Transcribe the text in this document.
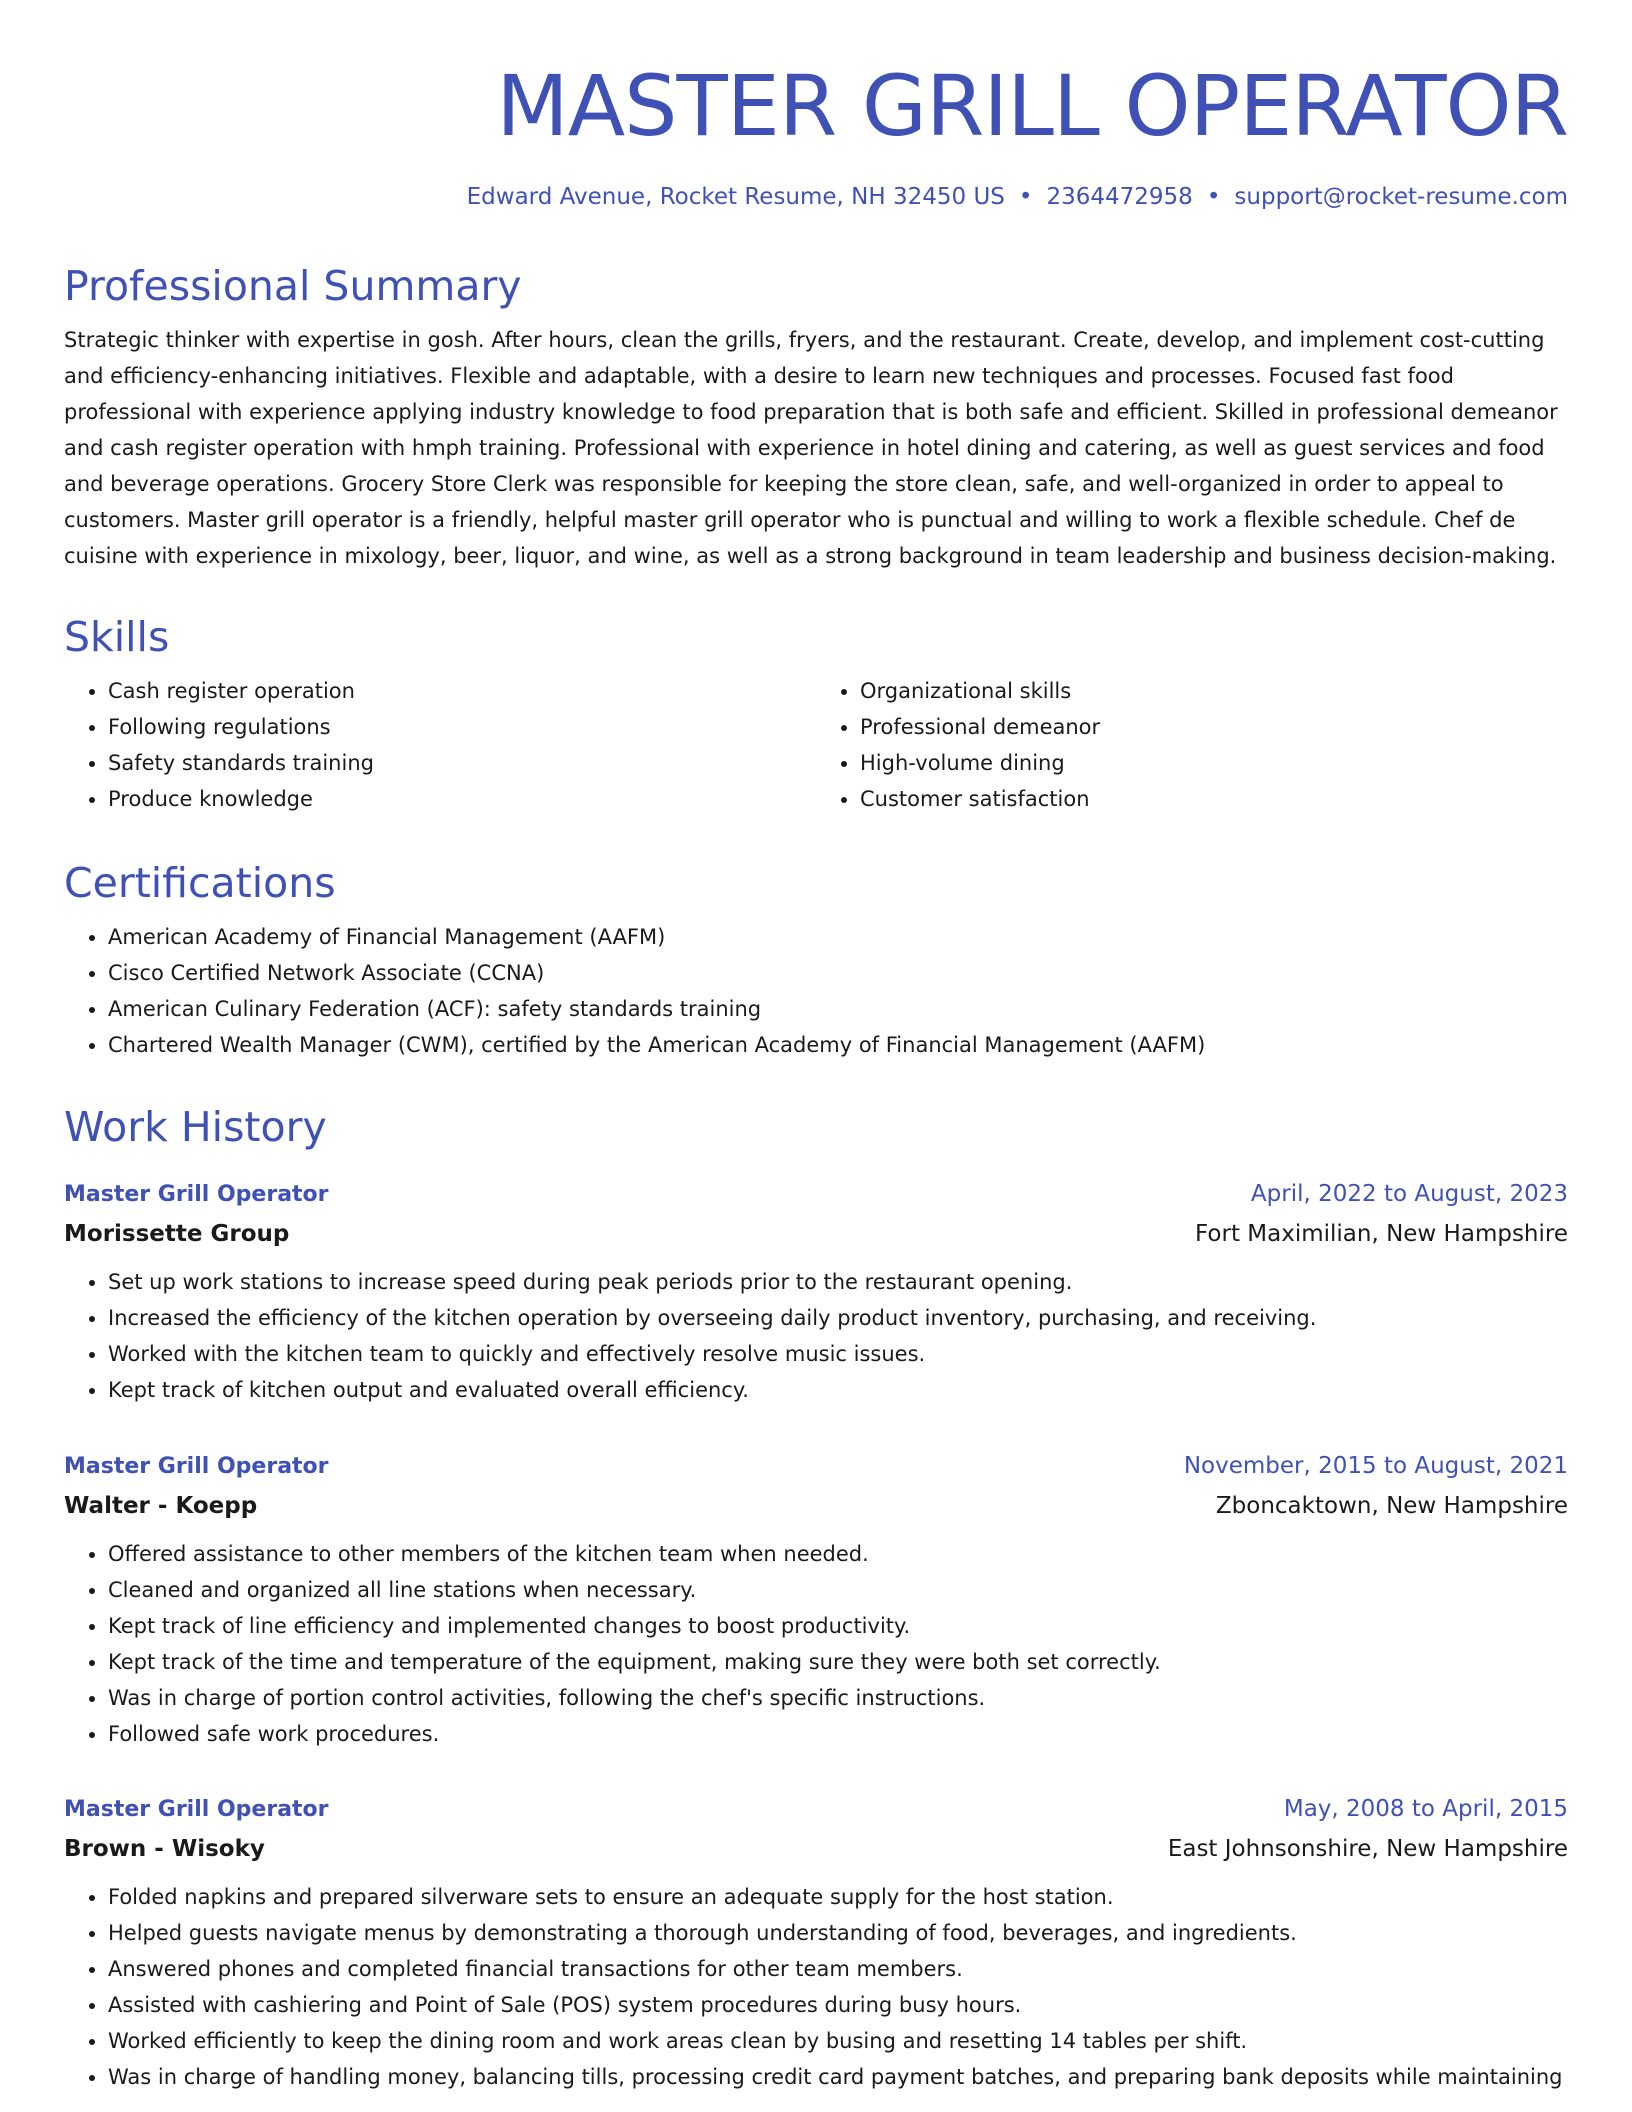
MASTER GRILL OPERATOR
Edward Avenue, Rocket Resume, NH 32450 US • 2364472958 • support@rocket-resume.com
Professional Summary

Strategic thinker with expertise in gosh. After hours, clean the grills, fryers, and the restaurant. Create, develop, and implement cost-cutting and efficiency-enhancing initiatives. Flexible and adaptable, with a desire to learn new techniques and processes. Focused fast food professional with experience applying industry knowledge to food preparation that is both safe and efficient. Skilled in professional demeanor and cash register operation with hmph training. Professional with experience in hotel dining and catering, as well as guest services and food and beverage operations. Grocery Store Clerk was responsible for keeping the store clean, safe, and well-organized in order to appeal to customers. Master grill operator is a friendly, helpful master grill operator who is punctual and willing to work a flexible schedule. Chef de cuisine with experience in mixology, beer, liquor, and wine, as well as a strong background in team leadership and business decision-making.

Skills
• Cash register operation
• Following regulations
• Safety standards training
• Produce knowledge
• Organizational skills
• Professional demeanor
• High-volume dining
• Customer satisfaction
Certifications
• American Academy of Financial Management (AAFM)
• Cisco Certified Network Associate (CCNA)
• American Culinary Federation (ACF): safety standards training
• Chartered Wealth Manager (CWM), certified by the American Academy of Financial Management (AAFM)
Work History
Master Grill Operator	April, 2022 to August, 2023
Morissette Group	Fort Maximilian, New Hampshire
• Set up work stations to increase speed during peak periods prior to the restaurant opening.
• Increased the efficiency of the kitchen operation by overseeing daily product inventory, purchasing, and receiving.
• Worked with the kitchen team to quickly and effectively resolve music issues.
• Kept track of kitchen output and evaluated overall efficiency.
Master Grill Operator	November, 2015 to August, 2021
Walter - Koepp	Zboncaktown, New Hampshire
• Offered assistance to other members of the kitchen team when needed.
• Cleaned and organized all line stations when necessary.
• Kept track of line efficiency and implemented changes to boost productivity.
• Kept track of the time and temperature of the equipment, making sure they were both set correctly.
• Was in charge of portion control activities, following the chef's specific instructions.
• Followed safe work procedures.
Master Grill Operator	May, 2008 to April, 2015
Brown - Wisoky	East Johnsonshire, New Hampshire
• Folded napkins and prepared silverware sets to ensure an adequate supply for the host station.
• Helped guests navigate menus by demonstrating a thorough understanding of food, beverages, and ingredients.
• Answered phones and completed financial transactions for other team members.
• Assisted with cashiering and Point of Sale (POS) system procedures during busy hours.
• Worked efficiently to keep the dining room and work areas clean by busing and resetting 14 tables per shift.
• Was in charge of handling money, balancing tills, processing credit card payment batches, and preparing bank deposits while maintaining
